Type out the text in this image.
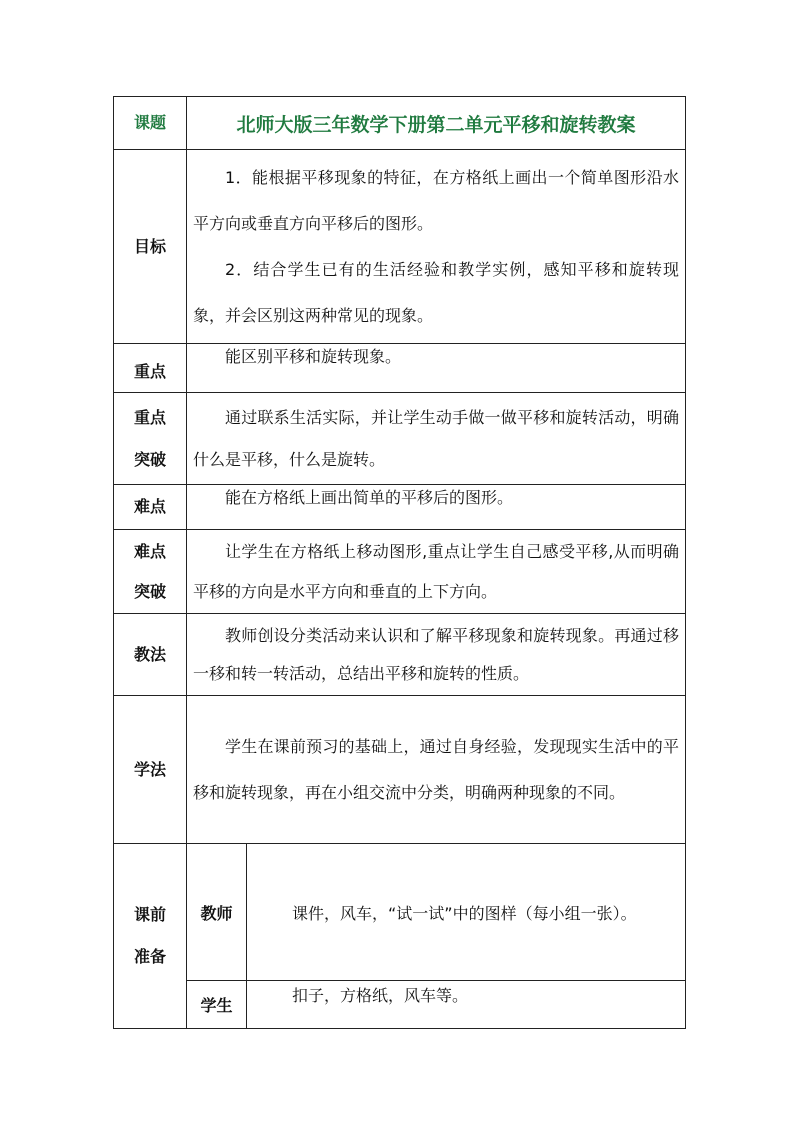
课题	北师大版三年数学下册第二单元平移和旋转教案	
目标	1．能根据平移现象的特征，在方格纸上画出一个简单图形沿水平方向或垂直方向平移后的图形。

2．结合学生已有的生活经验和教学实例，感知平移和旋转现象，并会区别这两种常见的现象。	

重点	能区别平移和旋转现象。	

重点
突破	通过联系生活实际，并让学生动手做一做平移和旋转活动，明确什么是平移，什么是旋转。	

难点	能在方格纸上画出简单的平移后的图形。	

难点
突破	让学生在方格纸上移动图形,重点让学生自己感受平移,从而明确平移的方向是水平方向和垂直的上下方向。	

教法	教师创设分类活动来认识和了解平移现象和旋转现象。再通过移一移和转一转活动，总结出平移和旋转的性质。	

学法	学生在课前预习的基础上，通过自身经验，发现现实生活中的平移和旋转现象，再在小组交流中分类，明确两种现象的不同。	

课前
准备	教师	课件，风车，“试一试”中的图样（每小组一张）。
	学生	扣子，方格纸，风车等。
